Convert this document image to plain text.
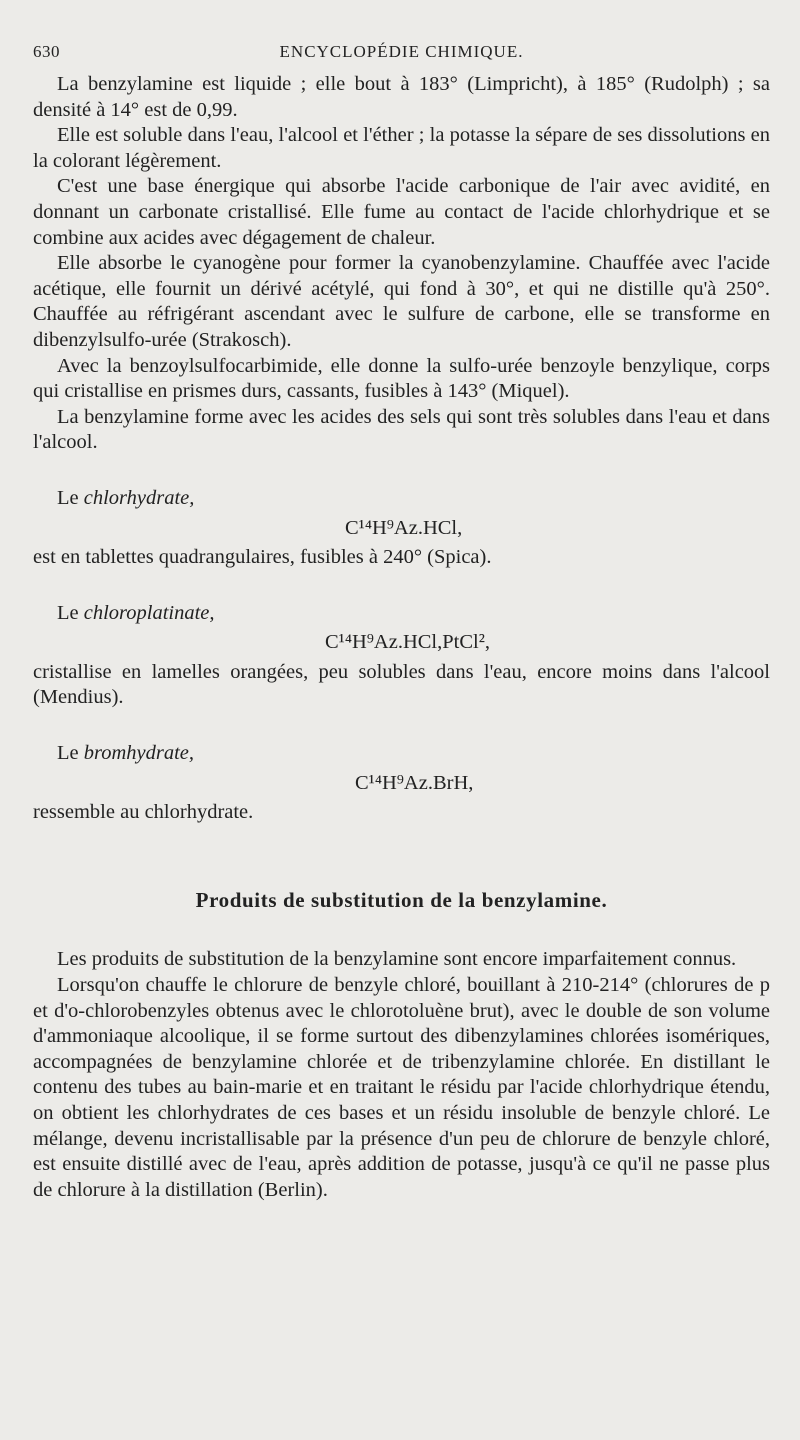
630	ENCYCLOPÉDIE CHIMIQUE.

La benzylamine est liquide ; elle bout à 183° (Limpricht), à 185° (Rudolph) ; sa densité à 14° est de 0,99.

Elle est soluble dans l'eau, l'alcool et l'éther ; la potasse la sépare de ses dissolutions en la colorant légèrement.

C'est une base énergique qui absorbe l'acide carbonique de l'air avec avidité, en donnant un carbonate cristallisé. Elle fume au contact de l'acide chlorhydrique et se combine aux acides avec dégagement de chaleur.

Elle absorbe le cyanogène pour former la cyanobenzylamine. Chauffée avec l'acide acétique, elle fournit un dérivé acétylé, qui fond à 30°, et qui ne distille qu'à 250°. Chauffée au réfrigérant ascendant avec le sulfure de carbone, elle se transforme en dibenzylsulfo-urée (Strakosch).

Avec la benzoylsulfocarbimide, elle donne la sulfo-urée benzoyle benzylique, corps qui cristallise en prismes durs, cassants, fusibles à 143° (Miquel).

La benzylamine forme avec les acides des sels qui sont très solubles dans l'eau et dans l'alcool.

Le chlorhydrate,

C¹⁴H⁹Az.HCl,

est en tablettes quadrangulaires, fusibles à 240° (Spica).

Le chloroplatinate,

C¹⁴H⁹Az.HCl,PtCl²,

cristallise en lamelles orangées, peu solubles dans l'eau, encore moins dans l'alcool (Mendius).

Le bromhydrate,

C¹⁴H⁹Az.BrH,

ressemble au chlorhydrate.

Produits de substitution de la benzylamine.

Les produits de substitution de la benzylamine sont encore imparfaitement connus.

Lorsqu'on chauffe le chlorure de benzyle chloré, bouillant à 210-214° (chlorures de p et d'o-chlorobenzyles obtenus avec le chlorotoluène brut), avec le double de son volume d'ammoniaque alcoolique, il se forme surtout des dibenzylamines chlorées isomériques, accompagnées de benzylamine chlorée et de tribenzylamine chlorée. En distillant le contenu des tubes au bain-marie et en traitant le résidu par l'acide chlorhydrique étendu, on obtient les chlorhydrates de ces bases et un résidu insoluble de benzyle chloré. Le mélange, devenu incristallisable par la présence d'un peu de chlorure de benzyle chloré, est ensuite distillé avec de l'eau, après addition de potasse, jusqu'à ce qu'il ne passe plus de chlorure à la distillation (Berlin).
